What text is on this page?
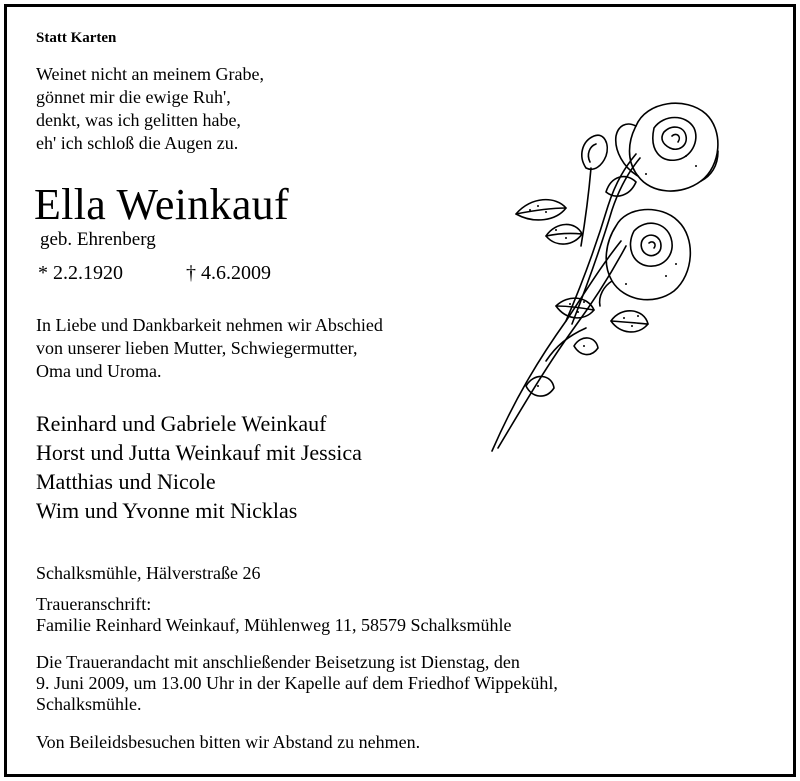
Statt Karten
Weinet nicht an meinem Grabe,
gönnet mir die ewige Ruh',
denkt, was ich gelitten habe,
eh' ich schloß die Augen zu.
Ella Weinkauf
geb. Ehrenberg
* 2.2.1920	† 4.6.2009
In Liebe und Dankbarkeit nehmen wir Abschied
von unserer lieben Mutter, Schwiegermutter,
Oma und Uroma.
Reinhard und Gabriele Weinkauf
Horst und Jutta Weinkauf mit Jessica
Matthias und Nicole
Wim und Yvonne mit Nicklas
Schalksmühle, Hälverstraße 26
Traueranschrift:
Familie Reinhard Weinkauf, Mühlenweg 11, 58579 Schalksmühle
Die Trauerandacht mit anschließender Beisetzung ist Dienstag, den
9. Juni 2009, um 13.00 Uhr in der Kapelle auf dem Friedhof Wippekühl,
Schalksmühle.
Von Beileidsbesuchen bitten wir Abstand zu nehmen.
